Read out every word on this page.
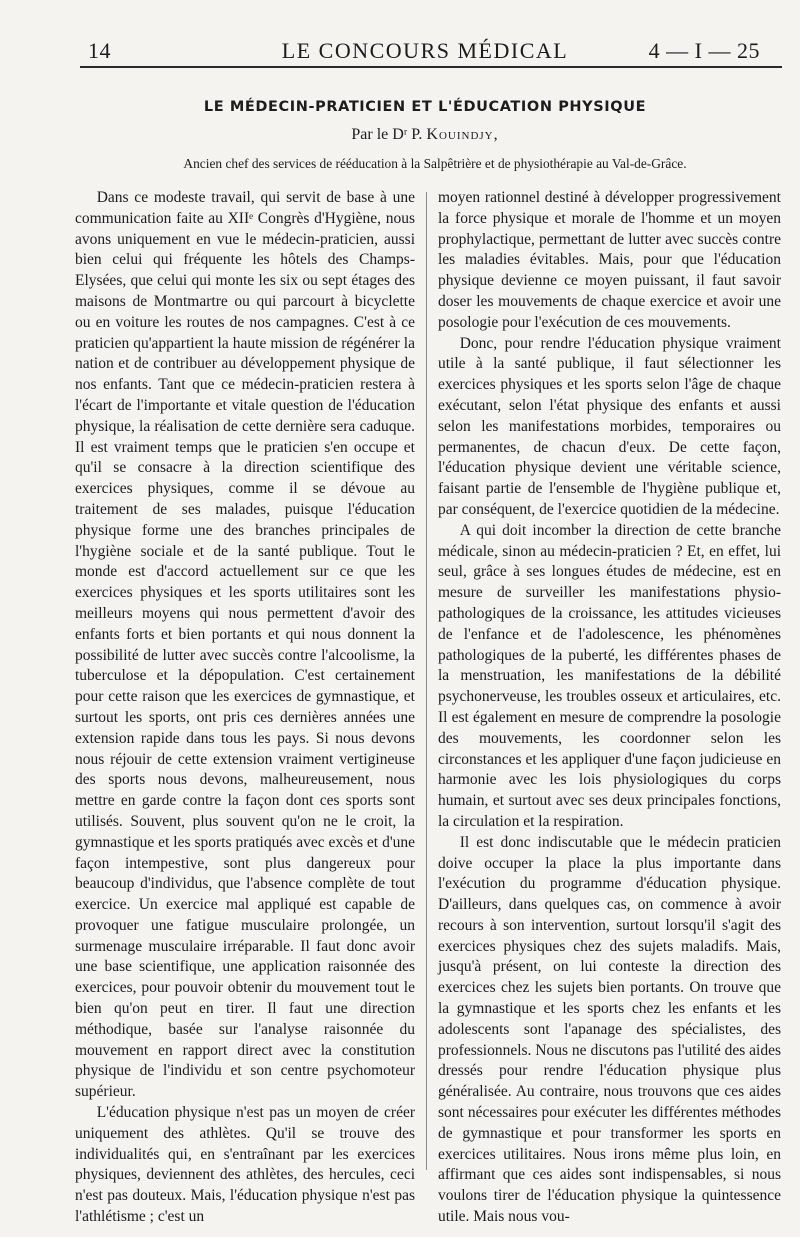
14	LE CONCOURS MÉDICAL	4 — I — 25
LE MÉDECIN-PRATICIEN ET L'ÉDUCATION PHYSIQUE
Par le Dʳ P. Kouindjy,
Ancien chef des services de rééducation à la Salpêtrière et de physiothérapie au Val-de-Grâce.

Dans ce modeste travail, qui servit de base à une communication faite au XIIᵉ Congrès d'Hygiène, nous avons uniquement en vue le médecin-praticien, aussi bien celui qui fréquente les hôtels des Champs-Elysées, que celui qui monte les six ou sept étages des maisons de Montmartre ou qui parcourt à bicyclette ou en voiture les routes de nos campagnes. C'est à ce praticien qu'appartient la haute mission de régénérer la nation et de contribuer au développement physique de nos enfants. Tant que ce médecin-praticien restera à l'écart de l'importante et vitale question de l'éducation physique, la réalisation de cette dernière sera caduque. Il est vraiment temps que le praticien s'en occupe et qu'il se consacre à la direction scientifique des exercices physiques, comme il se dévoue au traitement de ses malades, puisque l'éducation physique forme une des branches principales de l'hygiène sociale et de la santé publique. Tout le monde est d'accord actuellement sur ce que les exercices physiques et les sports utilitaires sont les meilleurs moyens qui nous permettent d'avoir des enfants forts et bien portants et qui nous donnent la possibilité de lutter avec succès contre l'alcoolisme, la tuberculose et la dépopulation. C'est certainement pour cette raison que les exercices de gymnastique, et surtout les sports, ont pris ces dernières années une extension rapide dans tous les pays. Si nous devons nous réjouir de cette extension vraiment vertigineuse des sports nous devons, malheureusement, nous mettre en garde contre la façon dont ces sports sont utilisés. Souvent, plus souvent qu'on ne le croit, la gymnastique et les sports pratiqués avec excès et d'une façon intempestive, sont plus dangereux pour beaucoup d'individus, que l'absence complète de tout exercice. Un exercice mal appliqué est capable de provoquer une fatigue musculaire prolongée, un surmenage musculaire irréparable. Il faut donc avoir une base scientifique, une application raisonnée des exercices, pour pouvoir obtenir du mouvement tout le bien qu'on peut en tirer. Il faut une direction méthodique, basée sur l'analyse raisonnée du mouvement en rapport direct avec la constitution physique de l'individu et son centre psychomoteur supérieur.

L'éducation physique n'est pas un moyen de créer uniquement des athlètes. Qu'il se trouve des individualités qui, en s'entraînant par les exercices physiques, deviennent des athlètes, des hercules, ceci n'est pas douteux. Mais, l'éducation physique n'est pas l'athlétisme ; c'est un

moyen rationnel destiné à développer progressivement la force physique et morale de l'homme et un moyen prophylactique, permettant de lutter avec succès contre les maladies évitables. Mais, pour que l'éducation physique devienne ce moyen puissant, il faut savoir doser les mouvements de chaque exercice et avoir une posologie pour l'exécution de ces mouvements.

Donc, pour rendre l'éducation physique vraiment utile à la santé publique, il faut sélectionner les exercices physiques et les sports selon l'âge de chaque exécutant, selon l'état physique des enfants et aussi selon les manifestations morbides, temporaires ou permanentes, de chacun d'eux. De cette façon, l'éducation physique devient une véritable science, faisant partie de l'ensemble de l'hygiène publique et, par conséquent, de l'exercice quotidien de la médecine.

A qui doit incomber la direction de cette branche médicale, sinon au médecin-praticien ? Et, en effet, lui seul, grâce à ses longues études de médecine, est en mesure de surveiller les manifestations physio-pathologiques de la croissance, les attitudes vicieuses de l'enfance et de l'adolescence, les phénomènes pathologiques de la puberté, les différentes phases de la menstruation, les manifestations de la débilité psychonerveuse, les troubles osseux et articulaires, etc. Il est également en mesure de comprendre la posologie des mouvements, les coordonner selon les circonstances et les appliquer d'une façon judicieuse en harmonie avec les lois physiologiques du corps humain, et surtout avec ses deux principales fonctions, la circulation et la respiration.

Il est donc indiscutable que le médecin praticien doive occuper la place la plus importante dans l'exécution du programme d'éducation physique. D'ailleurs, dans quelques cas, on commence à avoir recours à son intervention, surtout lorsqu'il s'agit des exercices physiques chez des sujets maladifs. Mais, jusqu'à présent, on lui conteste la direction des exercices chez les sujets bien portants. On trouve que la gymnastique et les sports chez les enfants et les adolescents sont l'apanage des spécialistes, des professionnels. Nous ne discutons pas l'utilité des aides dressés pour rendre l'éducation physique plus généralisée. Au contraire, nous trouvons que ces aides sont nécessaires pour exécuter les différentes méthodes de gymnastique et pour transformer les sports en exercices utilitaires. Nous irons même plus loin, en affirmant que ces aides sont indispensables, si nous voulons tirer de l'éducation physique la quintessence utile. Mais nous vou-
